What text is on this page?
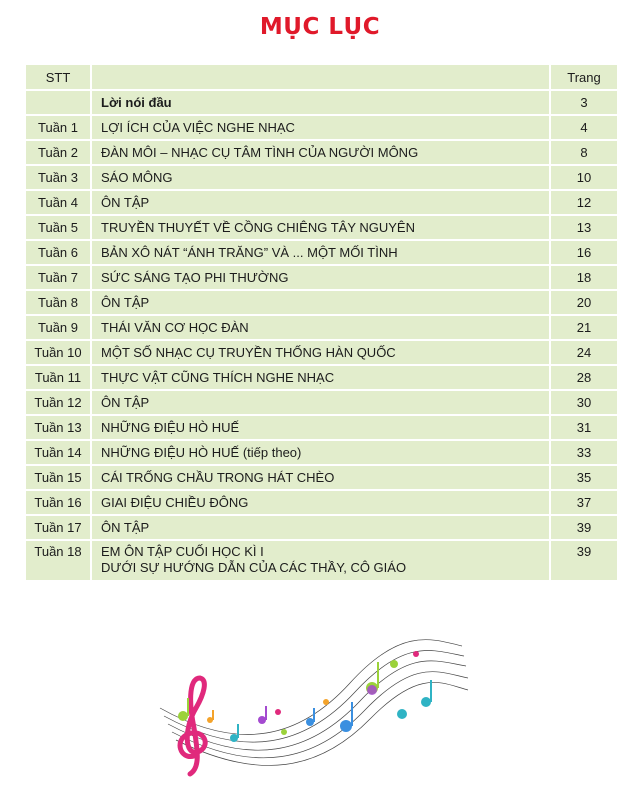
MỤC LỤC
STT		Trang
	Lời nói đầu	3
Tuần 1	LỢI ÍCH CỦA VIỆC NGHE NHẠC	4
Tuần 2	ĐÀN MÔI – NHẠC CỤ TÂM TÌNH CỦA NGƯỜI MÔNG	8
Tuần 3	SÁO MÔNG	10
Tuần 4	ÔN TẬP	12
Tuần 5	TRUYỀN THUYẾT VỀ CỒNG CHIÊNG TÂY NGUYÊN	13
Tuần 6	BẢN XÔ NÁT “ÁNH TRĂNG” VÀ ... MỘT MỐI TÌNH	16
Tuần 7	SỨC SÁNG TẠO PHI THƯỜNG	18
Tuần 8	ÔN TẬP	20
Tuần 9	THÁI VĂN CƠ HỌC ĐÀN	21
Tuần 10	MỘT SỐ NHẠC CỤ TRUYỀN THỐNG HÀN QUỐC	24
Tuần 11	THỰC VẬT CŨNG THÍCH NGHE NHẠC	28
Tuần 12	ÔN TẬP	30
Tuần 13	NHỮNG ĐIỆU HÒ HUẾ	31
Tuần 14	NHỮNG ĐIỆU HÒ HUẾ (tiếp theo)	33
Tuần 15	CÁI TRỐNG CHẦU TRONG HÁT CHÈO	35
Tuần 16	GIAI ĐIỆU CHIỀU ĐÔNG	37
Tuần 17	ÔN TẬP	39
Tuần 18	EM ÔN TẬP CUỐI HỌC KÌ I
DƯỚI SỰ HƯỚNG DẪN CỦA CÁC THẦY, CÔ GIÁO	39
